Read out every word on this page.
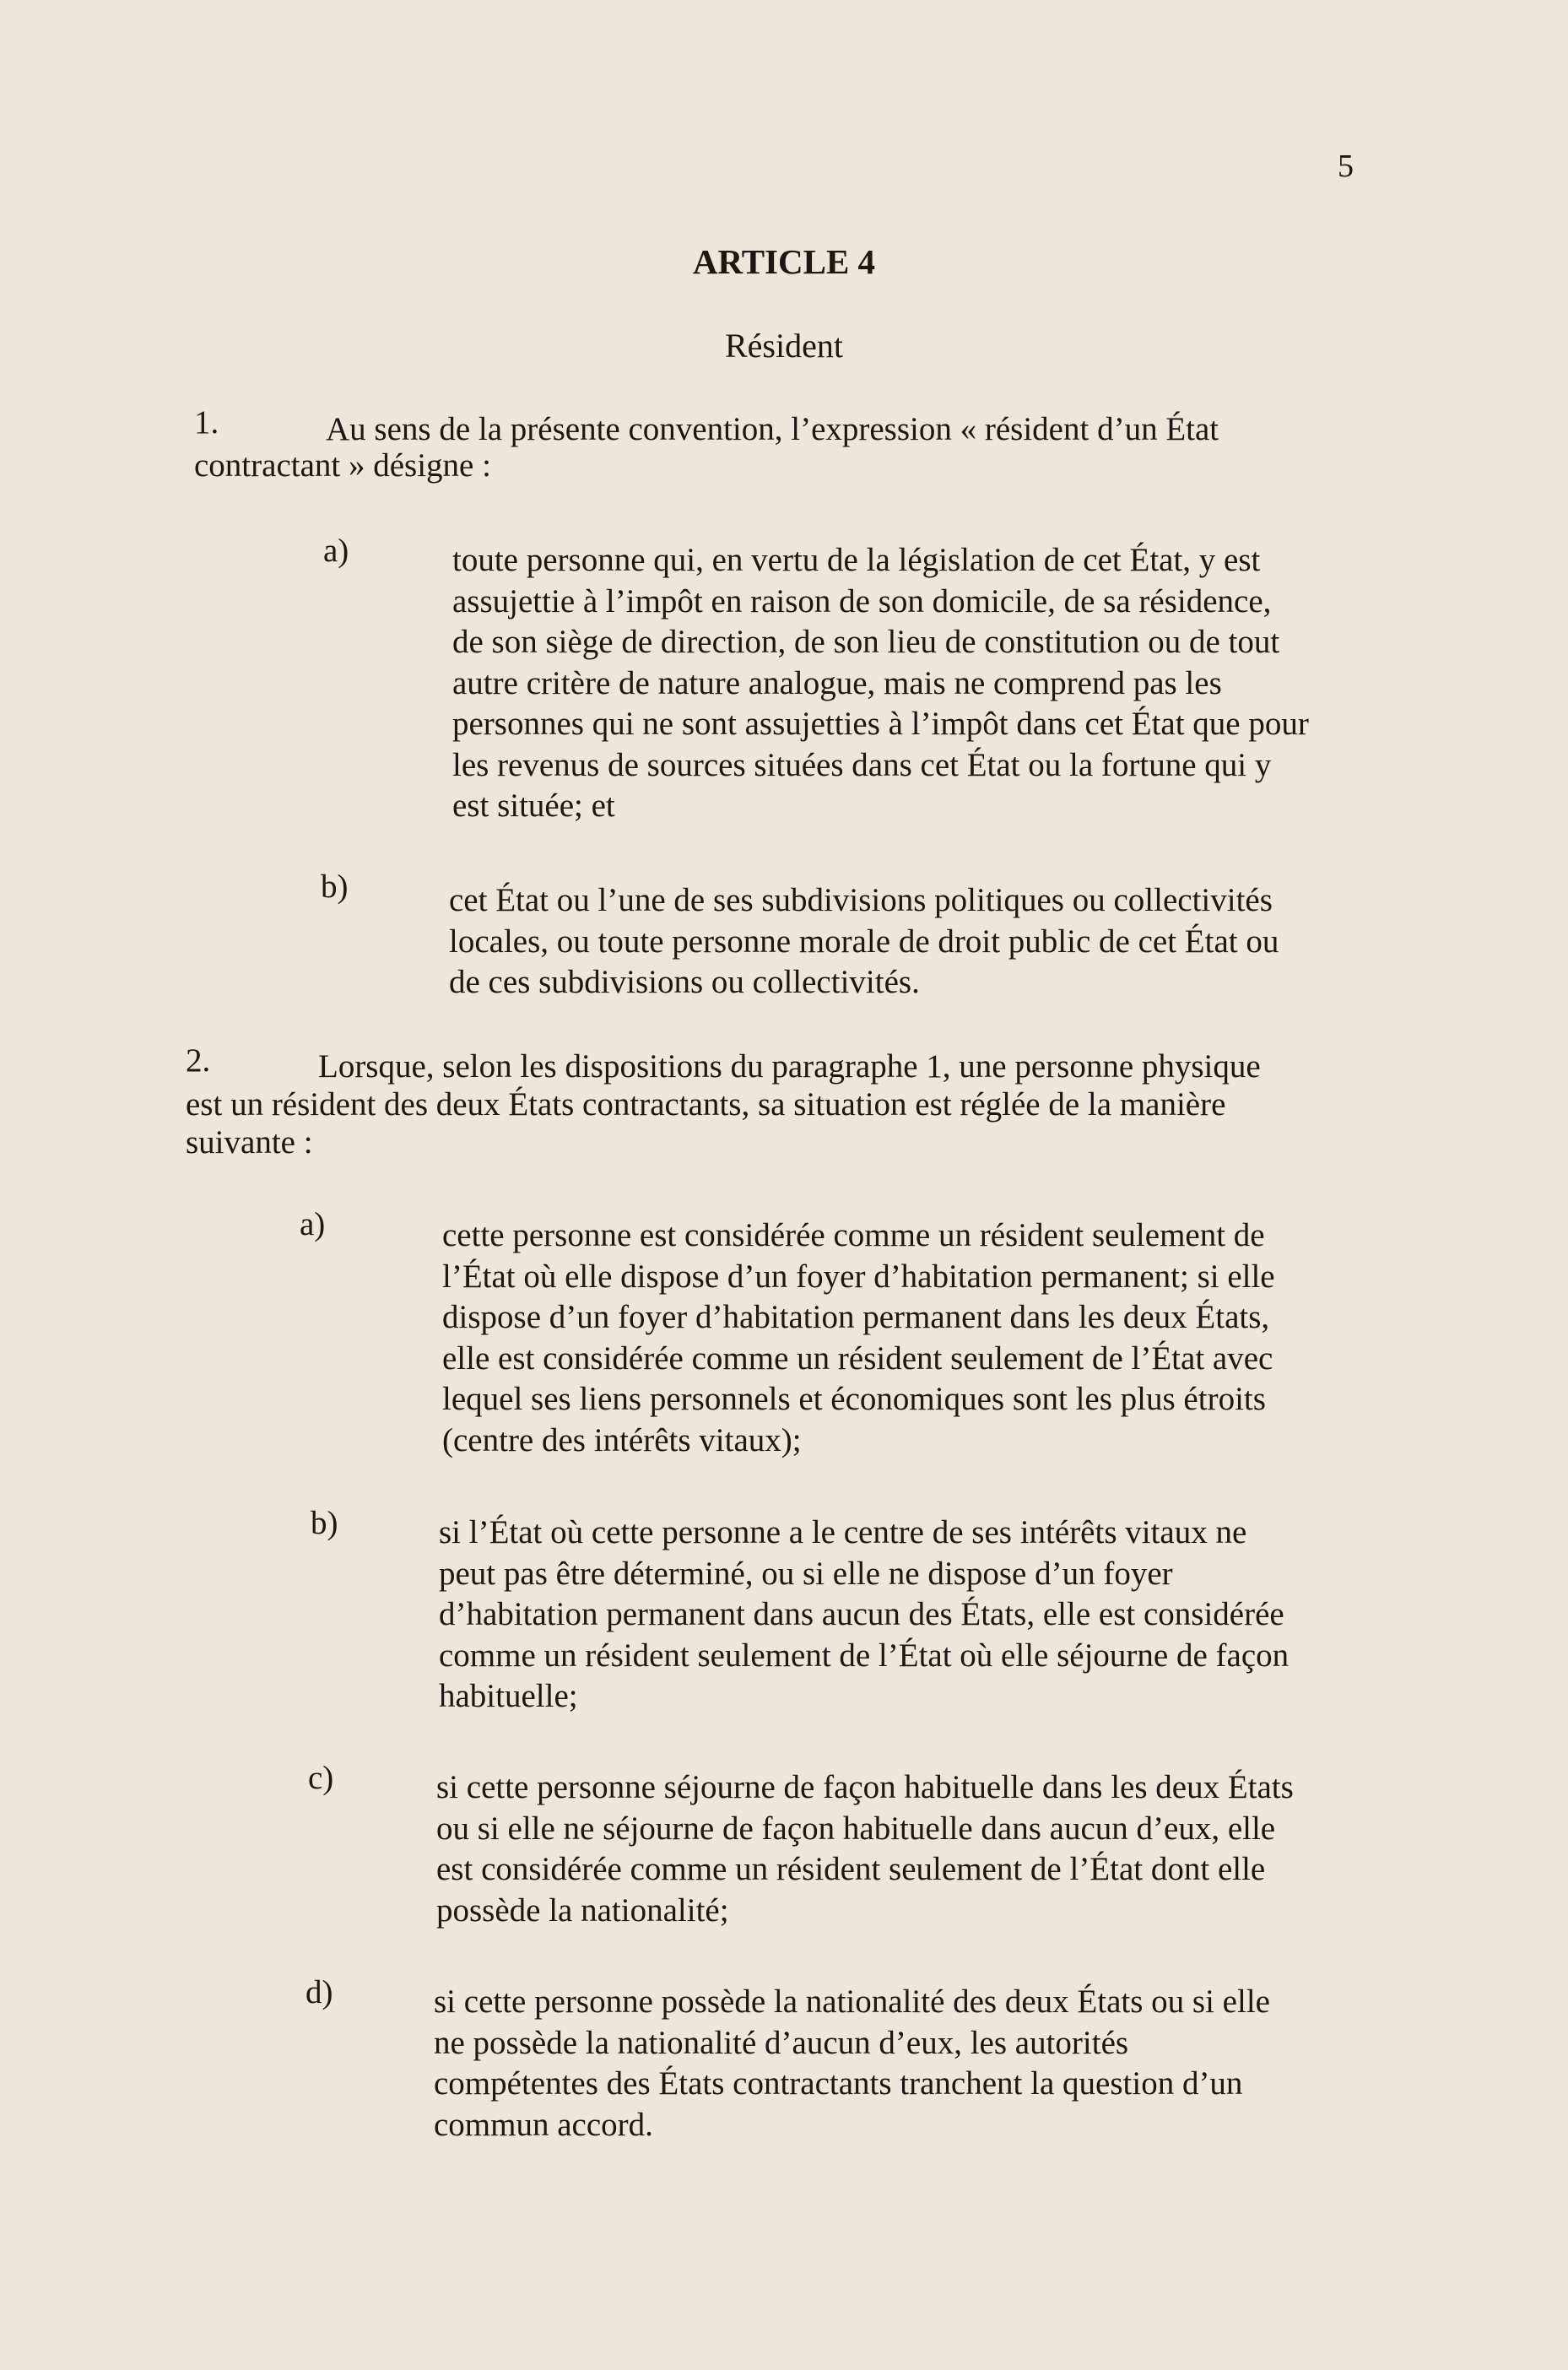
5
ARTICLE 4
Résident
1.	Au sens de la présente convention, l’expression « résident d’un État
contractant » désigne :
a)	toute personne qui, en vertu de la législation de cet État, y est
assujettie à l’impôt en raison de son domicile, de sa résidence,
de son siège de direction, de son lieu de constitution ou de tout
autre critère de nature analogue, mais ne comprend pas les
personnes qui ne sont assujetties à l’impôt dans cet État que pour
les revenus de sources situées dans cet État ou la fortune qui y
est située; et
b)	cet État ou l’une de ses subdivisions politiques ou collectivités
locales, ou toute personne morale de droit public de cet État ou
de ces subdivisions ou collectivités.
2.	Lorsque, selon les dispositions du paragraphe 1, une personne physique
est un résident des deux États contractants, sa situation est réglée de la manière
suivante :
a)	cette personne est considérée comme un résident seulement de
l’État où elle dispose d’un foyer d’habitation permanent; si elle
dispose d’un foyer d’habitation permanent dans les deux États,
elle est considérée comme un résident seulement de l’État avec
lequel ses liens personnels et économiques sont les plus étroits
(centre des intérêts vitaux);
b)	si l’État où cette personne a le centre de ses intérêts vitaux ne
peut pas être déterminé, ou si elle ne dispose d’un foyer
d’habitation permanent dans aucun des États, elle est considérée
comme un résident seulement de l’État où elle séjourne de façon
habituelle;
c)	si cette personne séjourne de façon habituelle dans les deux États
ou si elle ne séjourne de façon habituelle dans aucun d’eux, elle
est considérée comme un résident seulement de l’État dont elle
possède la nationalité;
d)	si cette personne possède la nationalité des deux États ou si elle
ne possède la nationalité d’aucun d’eux, les autorités
compétentes des États contractants tranchent la question d’un
commun accord.
